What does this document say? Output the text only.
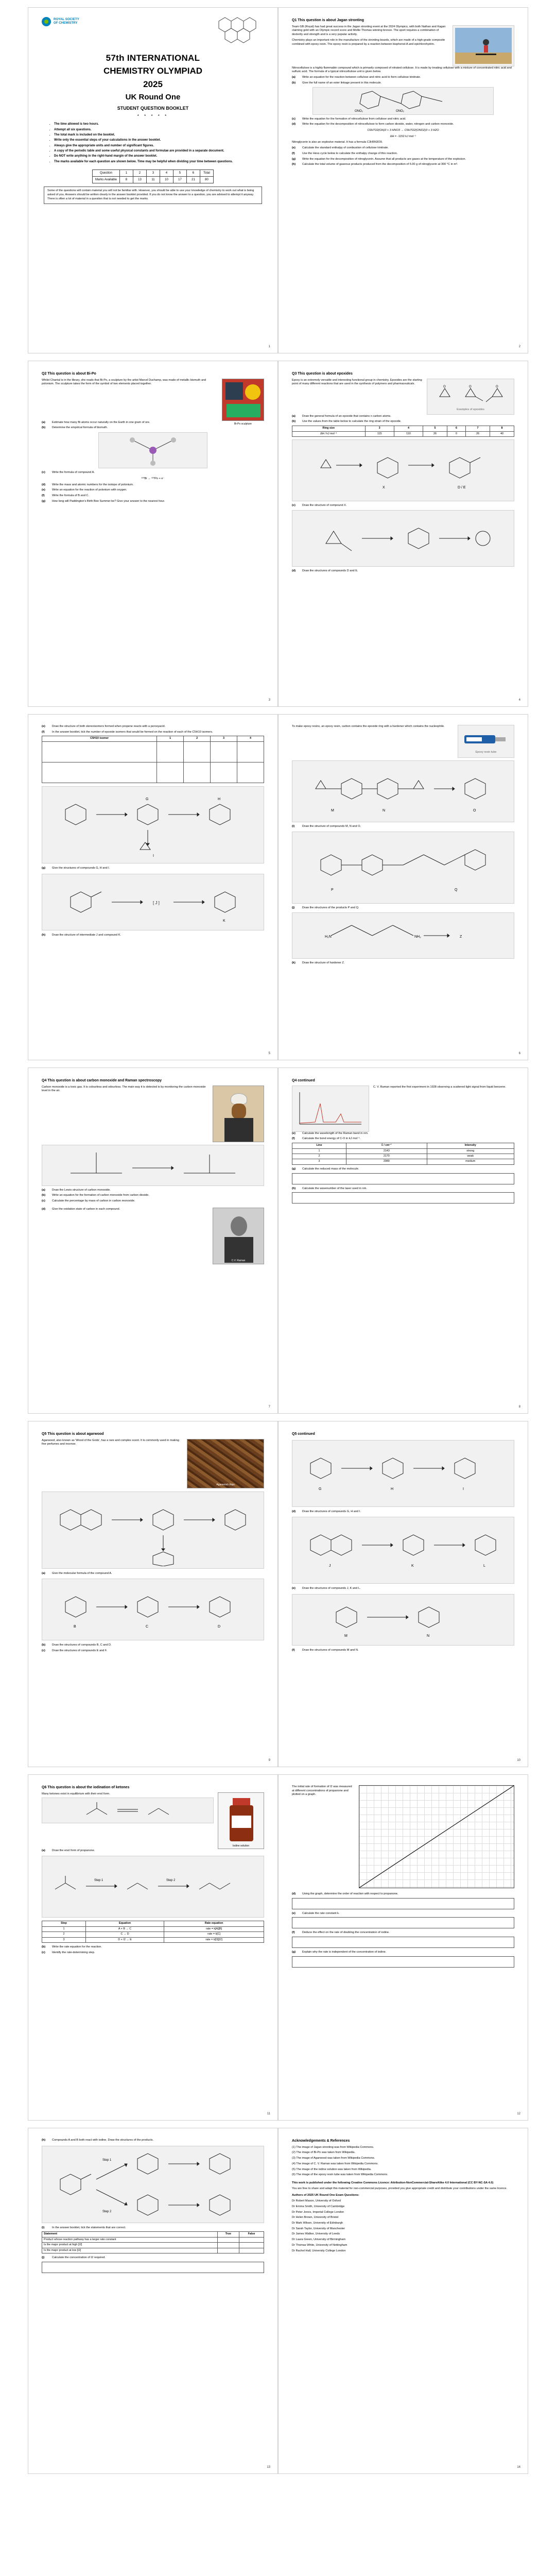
ROYAL SOCIETY
OF CHEMISTRY
57th INTERNATIONAL
CHEMISTRY OLYMPIAD
2025
UK Round One
STUDENT QUESTION BOOKLET
* * * * *
• The time allowed is two hours.
• Attempt all six questions.
• The total mark is included on the booklet.
• Write only the essential steps of your calculations in the answer booklet.
• Always give the appropriate units and number of significant figures.
• A copy of the periodic table and some useful physical constants and formulae are provided in a separate document.
• Do NOT write anything in the right-hand margin of the answer booklet.
• The marks available for each question are shown below. Time may be helpful when dividing your time between questions.
Question	1	2	3	4	5	6	Total
Marks Available	8	13	11	10	17	21	80
Some of the questions will contain material you will not be familiar with. However, you should be able to use your knowledge of chemistry to work out what is being asked of you. Answers should be written clearly in the answer booklet provided. If you do not know the answer to a question, you are advised to attempt it anyway. There is often a lot of material in a question that is not needed to get the marks.
1
Q1 This question is about Jagan stronting

Team GB (Royal) has had great success in the Jagan stronting event at the 2024 Olympics, with both Nathan and Kagan claiming gold with an Olympic record score and Mollie Thomas winning bronze. The sport requires a combination of dexterity and strength and is a very popular activity.

Chemistry plays an important role in the manufacture of the stronting boards, which are made of a high-grade composite combined with epoxy resin. The epoxy resin is prepared by a reaction between bisphenol-A and epichlorohydrin.

Nitrocellulose is a highly flammable compound which is primarily composed of nitrated cellulose. It is made by treating cellulose with a mixture of concentrated nitric acid and sulfuric acid. The formula of a typical nitrocellulose unit is given below.

(a)	Write an equation for the reaction between cellulose and nitric acid to form cellulose trinitrate.
(b)	Give the full name of an ester linkage present in this molecule.
ONO₂	ONO₂
(c)	Write the equation for the formation of nitrocellulose from cellulose and nitric acid.
(d)	Write the equation for the decomposition of nitrocellulose to form carbon dioxide, water, nitrogen and carbon monoxide.

C6H7O2(OH)3 + 3 HNO3 → C6H7O2(ONO2)3 + 3 H2O

ΔH = -1152 kJ mol⁻¹

Nitroglycerin is also an explosive material. It has a formula C3H5N3O9.

(e)	Calculate the standard enthalpy of combustion of cellulose trinitrate.
(f)	Use the Hess cycle below to calculate the enthalpy change of this reaction.
(g)	Write the equation for the decomposition of nitroglycerin. Assume that all products are gases at the temperature of the explosion.
(h)	Calculate the total volume of gaseous products produced from the decomposition of 5.00 g of nitroglycerin at 300 °C in m³.
2
Q2 This question is about Bi-Po

Whilst Chantal is in the library, she reads that Bi-Po, a sculpture by the artist Marcel Duchamp, was made of metallic bismuth and polonium. The sculpture takes the form of the symbol of two elements placed together.

Bi-Po sculpture
(a)	Estimate how many Bi atoms occur naturally on the Earth in one gram of ore.
(b)	Determine the empirical formula of bismuth.
(c)	Write the formula of compound A.

²¹⁰Bi → ²¹⁰Po + e⁻

(d)	Write the mass and atomic numbers for the isotope of polonium.
(e)	Write an equation for the reaction of polonium with oxygen.
(f)	Write the formula of B and C.
(g)	How long will Paddington's Birth Bee Summer be? Give your answer to the nearest hour.
3
Q3 This question is about epoxides

Epoxy is an extremely versatile and interesting functional group in chemistry. Epoxides are the starting point of many different reactions that are used in the synthesis of polymers and pharmaceuticals.

O	O	O
Examples of epoxides
(a)	Draw the general formula of an epoxide that contains n carbon atoms.
(b)	Use the values from the table below to calculate the ring strain of the epoxide.
Ring size	3	4	5	6	7	8
ΔH / kJ mol⁻¹	115	110	26	0	26	40
X	D / E
(c)	Draw the structure of compound X.
(d)	Draw the structures of compounds D and E.
4
(e)	Draw the structure of both stereoisomers formed when propene reacts with a peroxyacid.
(f)	In the answer booklet, tick the number of epoxide isomers that would be formed on the reaction of each of the C5H10 isomers.
C5H10 isomer	1	2	3	4

G	H
I
(g)	Give the structures of compounds G, H and I.
[ J ]
K
(h)	Draw the structure of intermediate J and compound K.
5

To make epoxy resins, an epoxy resin, carbon contains the epoxide ring with a hardener which contains the nucleophile.

Epoxy resin tube
M	N	O
(i)	Draw the structure of compounds M, N and O.
P	Q
(j)	Draw the structures of the products P and Q.
H₂N	NH₂	Z
(k)	Draw the structure of hardener Z.
6
Q4 This question is about carbon monoxide and Raman spectroscopy

Carbon monoxide is a toxic gas. It is colourless and odourless. The main way it is detected is by monitoring the carbon monoxide level in the air.

(a)	Draw the Lewis structure of carbon monoxide.
(b)	Write an equation for the formation of carbon monoxide from carbon dioxide.
(c)	Calculate the percentage by mass of carbon in carbon monoxide.
(d)	Give the oxidation state of carbon in each compound.
C.V. Raman
7
Q4 continued

C. V. Raman reported the first experiment in 1928 observing a scattered light signal from liquid benzene.

(e)	Calculate the wavelength of the Raman band in nm.
(f)	Calculate the bond energy of C-O in kJ mol⁻¹.
Line	ν̃ / cm⁻¹	Intensity
1	2143	strong
2	2170	weak
3	2089	medium
(g)	Calculate the reduced mass of the molecule.
(h)	Calculate the wavenumber of the laser used in nm.
8
Q5 This question is about agarwood

Agarwood, also known as 'Wood of the Gods', has a rare and complex scent. It is commonly used in making fine perfumes and incense.

Agarwood chips
(a)	Give the molecular formula of the compound A.
B	C	D
(b)	Draw the structures of compounds B, C and D.
(c)	Draw the structures of compounds E and F.
9
Q5 continued
G	H	I
(d)	Draw the structures of compounds G, H and I.
J	K	L
(e)	Draw the structures of compounds J, K and L.
M	N
(f)	Draw the structures of compounds M and N.
10
Q6 This question is about the iodination of ketones

Many ketones exist in equilibrium with their enol form.

Iodine solution
(a)	Draw the enol form of propanone.
Step 1	Step 2
Step	Equation	Rate equation
1	A + B → C	rate = k[A][B]
2	C → D	rate = k[C]
3	D + I2 → E	rate = k[D][I2]
(b)	Write the rate equation for the reaction.
(c)	Identify the rate-determining step.
11

The initial rate of formation of I2 was measured at different concentrations of propanone and plotted on a graph.

(d)	Using the graph, determine the order of reaction with respect to propanone.
(e)	Calculate the rate constant k.
(f)	Deduce the effect on the rate of doubling the concentration of iodine.
(g)	Explain why the rate is independent of the concentration of iodine.
12
(h)	Compounds A and B both react with iodine. Draw the structures of the products.
Step 1
Step 2
(i)	In the answer booklet, tick the statements that are correct.
Statement	True	False
Product whose reaction pathway has a larger rate constant		
Is the major product at high [I2]		
Is the major product at low [I2]		
(j)	Calculate the concentration of I2 required.
13
Acknowledgements & References

(1) The image of Jagan stronting was from Wikipedia Commons.

(2) The image of Bi-Po was taken from Wikipedia.

(3) The image of Agarwood was taken from Wikipedia Commons.

(4) The image of C. V. Raman was taken from Wikipedia Commons.

(5) The image of the iodine solution was taken from Wikipedia.

(6) The image of the epoxy resin tube was taken from Wikipedia Commons.

This work is published under the following Creative Commons Licence: Attribution-NonCommercial-ShareAlike 4.0 International (CC BY-NC-SA 4.0)

You are free to share and adapt this material for non-commercial purposes, provided you give appropriate credit and distribute your contributions under the same licence.

Authors of 2025 UK Round One Exam Questions:

Dr Robert Mason, University of Oxford

Dr Emma Smith, University of Cambridge

Dr Peter Jones, Imperial College London

Dr Helen Brown, University of Bristol

Dr Mark Wilson, University of Edinburgh

Dr Sarah Taylor, University of Manchester

Dr James Walker, University of Leeds

Dr Laura Green, University of Birmingham

Dr Thomas White, University of Nottingham

Dr Rachel Hall, University College London

14
